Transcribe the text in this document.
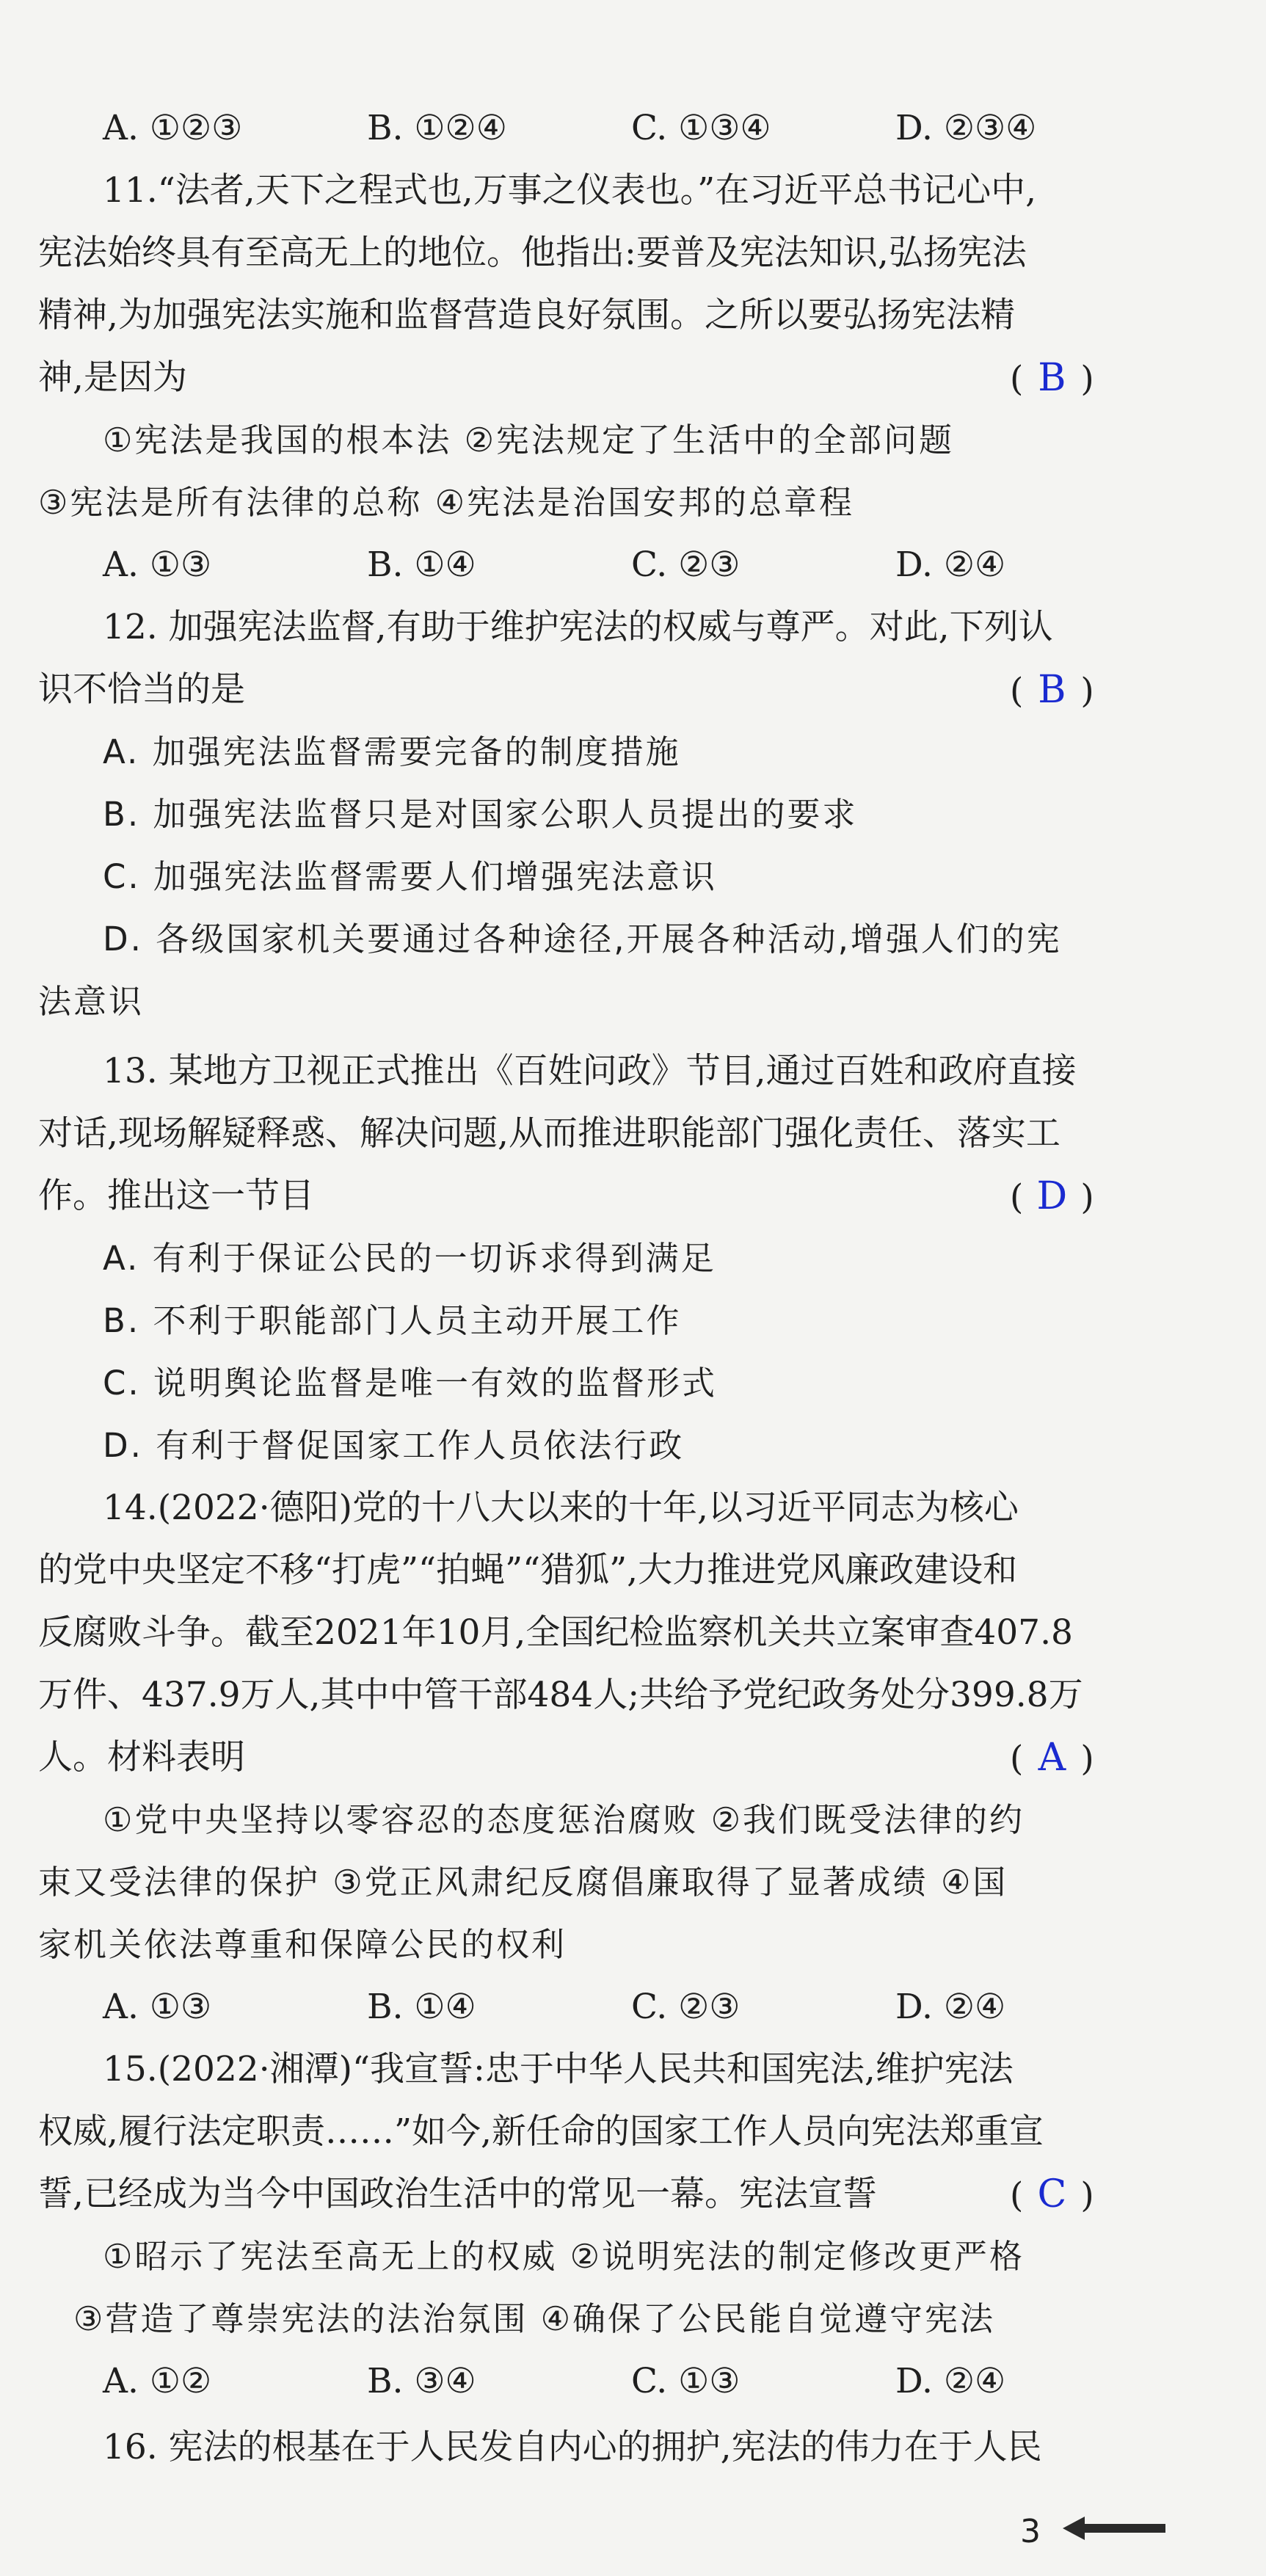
A. ①②③	B. ①②④	C. ①③④	D. ②③④
11.“法者,天下之程式也,万事之仪表也。”在习近平总书记心中,
宪法始终具有至高无上的地位。他指出:要普及宪法知识,弘扬宪法
精神,为加强宪法实施和监督营造良好氛围。之所以要弘扬宪法精
神,是因为	( B )
①宪法是我国的根本法 ②宪法规定了生活中的全部问题
③宪法是所有法律的总称 ④宪法是治国安邦的总章程
A. ①③	B. ①④	C. ②③	D. ②④
12. 加强宪法监督,有助于维护宪法的权威与尊严。对此,下列认
识不恰当的是	( B )
A. 加强宪法监督需要完备的制度措施
B. 加强宪法监督只是对国家公职人员提出的要求
C. 加强宪法监督需要人们增强宪法意识
D. 各级国家机关要通过各种途径,开展各种活动,增强人们的宪
法意识
13. 某地方卫视正式推出《百姓问政》节目,通过百姓和政府直接
对话,现场解疑释惑、解决问题,从而推进职能部门强化责任、落实工
作。推出这一节目	( D )
A. 有利于保证公民的一切诉求得到满足
B. 不利于职能部门人员主动开展工作
C. 说明舆论监督是唯一有效的监督形式
D. 有利于督促国家工作人员依法行政
14.(2022·德阳)党的十八大以来的十年,以习近平同志为核心
的党中央坚定不移“打虎”“拍蝇”“猎狐”,大力推进党风廉政建设和
反腐败斗争。截至2021年10月,全国纪检监察机关共立案审查407.8
万件、437.9万人,其中中管干部484人;共给予党纪政务处分399.8万
人。材料表明	( A )
①党中央坚持以零容忍的态度惩治腐败 ②我们既受法律的约
束又受法律的保护 ③党正风肃纪反腐倡廉取得了显著成绩 ④国
家机关依法尊重和保障公民的权利
A. ①③	B. ①④	C. ②③	D. ②④
15.(2022·湘潭)“我宣誓:忠于中华人民共和国宪法,维护宪法
权威,履行法定职责……”如今,新任命的国家工作人员向宪法郑重宣
誓,已经成为当今中国政治生活中的常见一幕。宪法宣誓	( C )
①昭示了宪法至高无上的权威 ②说明宪法的制定修改更严格
③营造了尊崇宪法的法治氛围 ④确保了公民能自觉遵守宪法
A. ①②	B. ③④	C. ①③	D. ②④
16. 宪法的根基在于人民发自内心的拥护,宪法的伟力在于人民
3
